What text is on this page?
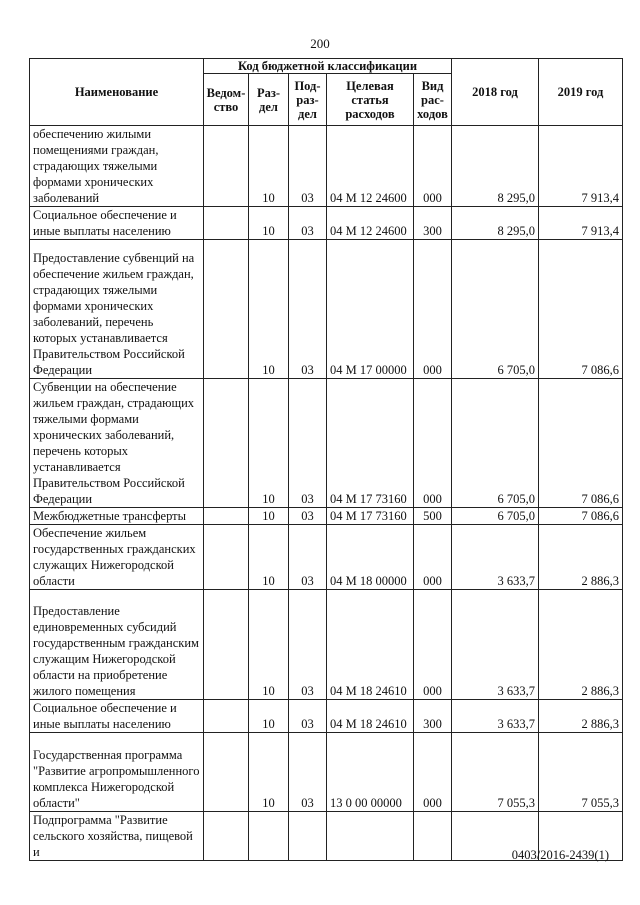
200
Наименование	Код бюджетной классификации					2018 год	2019 год
	Ведом-ство	Раз-дел	Под-раз-дел	Целевая статья расходов	Вид рас-ходов		
обеспечению жилыми помещениями граждан, страдающих тяжелыми формами хронических заболеваний		10	03	04 М 12 24600	000	8 295,0	7 913,4
Социальное обеспечение и иные выплаты населению		10	03	04 М 12 24600	300	8 295,0	7 913,4
Предоставление субвенций на обеспечение жильем граждан, страдающих тяжелыми формами хронических заболеваний, перечень которых устанавливается Правительством Российской Федерации		10	03	04 М 17 00000	000	6 705,0	7 086,6
Субвенции на обеспечение жильем граждан, страдающих тяжелыми формами хронических заболеваний, перечень которых устанавливается Правительством Российской Федерации		10	03	04 М 17 73160	000	6 705,0	7 086,6
Межбюджетные трансферты		10	03	04 М 17 73160	500	6 705,0	7 086,6
Обеспечение жильем государственных гражданских служащих Нижегородской области		10	03	04 М 18 00000	000	3 633,7	2 886,3
Предоставление единовременных субсидий государственным гражданским служащим Нижегородской области на приобретение жилого помещения		10	03	04 М 18 24610	000	3 633,7	2 886,3
Социальное обеспечение и иные выплаты населению		10	03	04 М 18 24610	300	3 633,7	2 886,3
Государственная программа "Развитие агропромышленного комплекса Нижегородской области"		10	03	13 0 00 00000	000	7 055,3	7 055,3
Подпрограмма "Развитие сельского хозяйства, пищевой и								0403/2016-2439(1)
